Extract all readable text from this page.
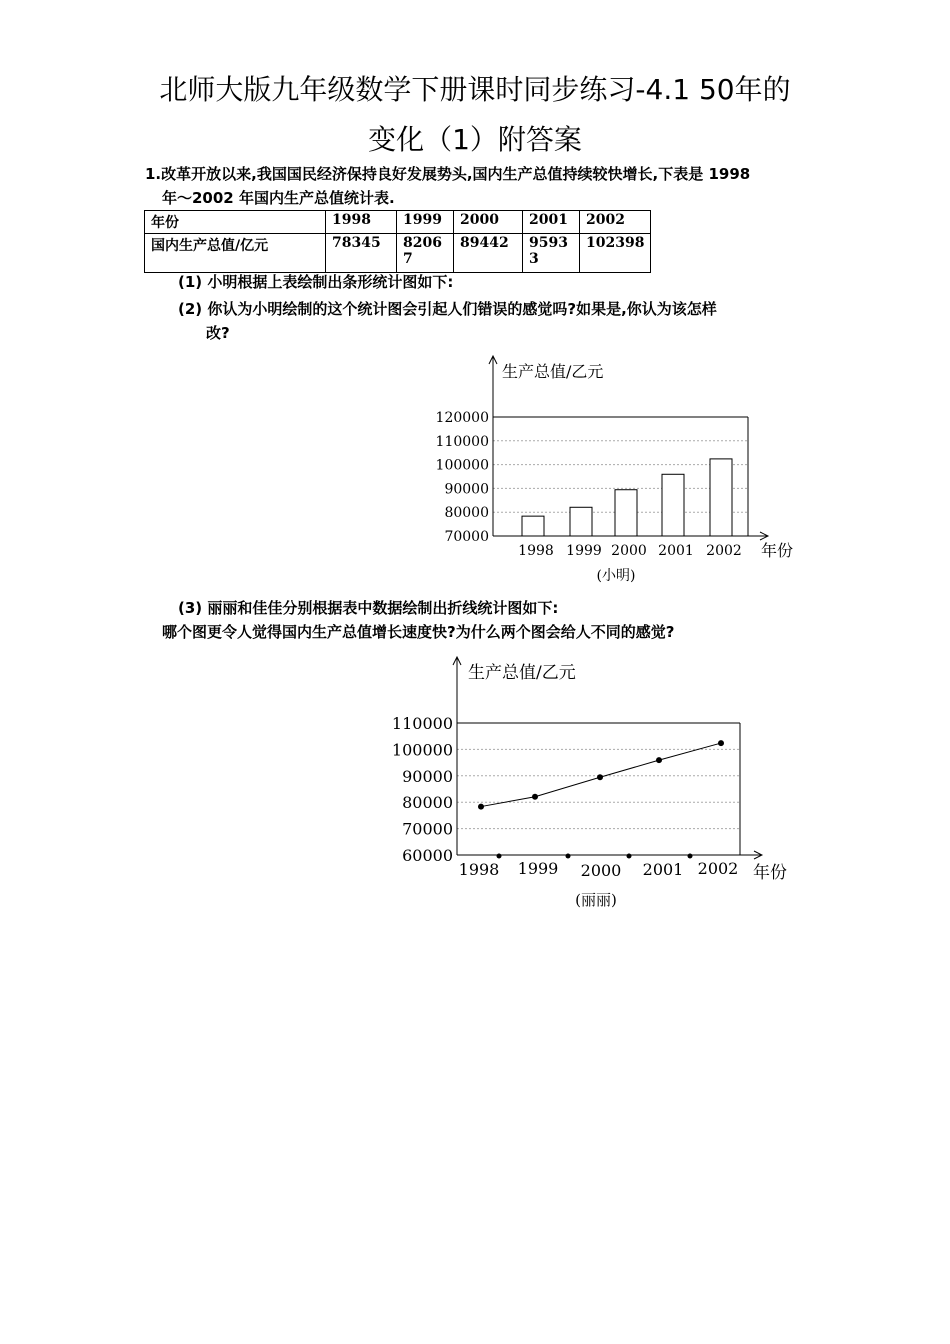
北师大版九年级数学下册课时同步练习-4.1 50年的
变化（1）附答案
1.改革开放以来,我国国民经济保持良好发展势头,国内生产总值持续较快增长,下表是 1998
年～2002 年国内生产总值统计表.
年份	1998	1999	2000	2001	2002
国内生产总值/亿元	78345	82067	89442	95933	102398
(1) 小明根据上表绘制出条形统计图如下:
(2) 你认为小明绘制的这个统计图会引起人们错误的感觉吗?如果是,你认为该怎样
改?
(3) 丽丽和佳佳分别根据表中数据绘制出折线统计图如下:
哪个图更令人觉得国内生产总值增长速度快?为什么两个图会给人不同的感觉?
70000
80000
90000
100000
110000
120000
1998 1999 2000 2001 2002
生产总值/乙元
年份
(小明)
60000
70000
80000
90000
100000
110000
1998 1999 2000 2001 2002
生产总值/乙元
年份
(丽丽)
